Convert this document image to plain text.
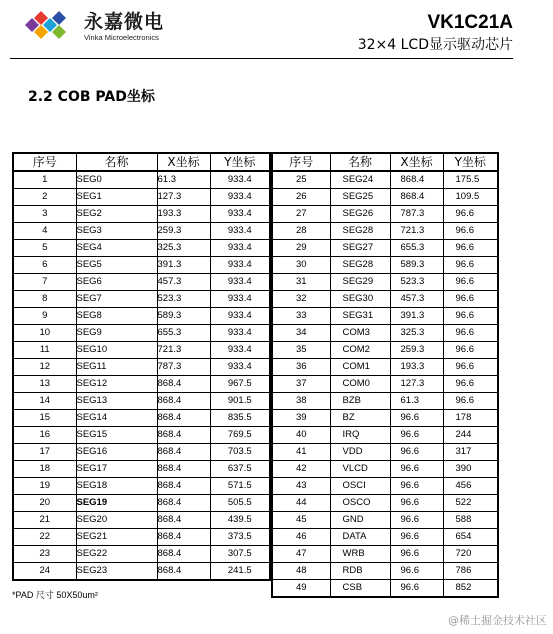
永嘉微电
Vinka Microelectronics
VK1C21A
32×4 LCD显示驱动芯片
2.2 COB PAD坐标
序号	名称	X坐标	Y坐标
1	SEG0	61.3	933.4
2	SEG1	127.3	933.4
3	SEG2	193.3	933.4
4	SEG3	259.3	933.4
5	SEG4	325.3	933.4
6	SEG5	391.3	933.4
7	SEG6	457.3	933.4
8	SEG7	523.3	933.4
9	SEG8	589.3	933.4
10	SEG9	655.3	933.4
11	SEG10	721.3	933.4
12	SEG11	787.3	933.4
13	SEG12	868.4	967.5
14	SEG13	868.4	901.5
15	SEG14	868.4	835.5
16	SEG15	868.4	769.5
17	SEG16	868.4	703.5
18	SEG17	868.4	637.5
19	SEG18	868.4	571.5
20	SEG19	868.4	505.5
21	SEG20	868.4	439.5
22	SEG21	868.4	373.5
23	SEG22	868.4	307.5
24	SEG23	868.4	241.5
序号	名称	X坐标	Y坐标
25	SEG24	868.4	175.5
26	SEG25	868.4	109.5
27	SEG26	787.3	96.6
28	SEG28	721.3	96.6
29	SEG27	655.3	96.6
30	SEG28	589.3	96.6
31	SEG29	523.3	96.6
32	SEG30	457.3	96.6
33	SEG31	391.3	96.6
34	COM3	325.3	96.6
35	COM2	259.3	96.6
36	COM1	193.3	96.6
37	COM0	127.3	96.6
38	BZB	61.3	96.6
39	BZ	96.6	178
40	IRQ	96.6	244
41	VDD	96.6	317
42	VLCD	96.6	390
43	OSCI	96.6	456
44	OSCO	96.6	522
45	GND	96.6	588
46	DATA	96.6	654
47	WRB	96.6	720
48	RDB	96.6	786
49	CSB	96.6	852
*PAD 尺寸 50X50um²
@稀土掘金技术社区
